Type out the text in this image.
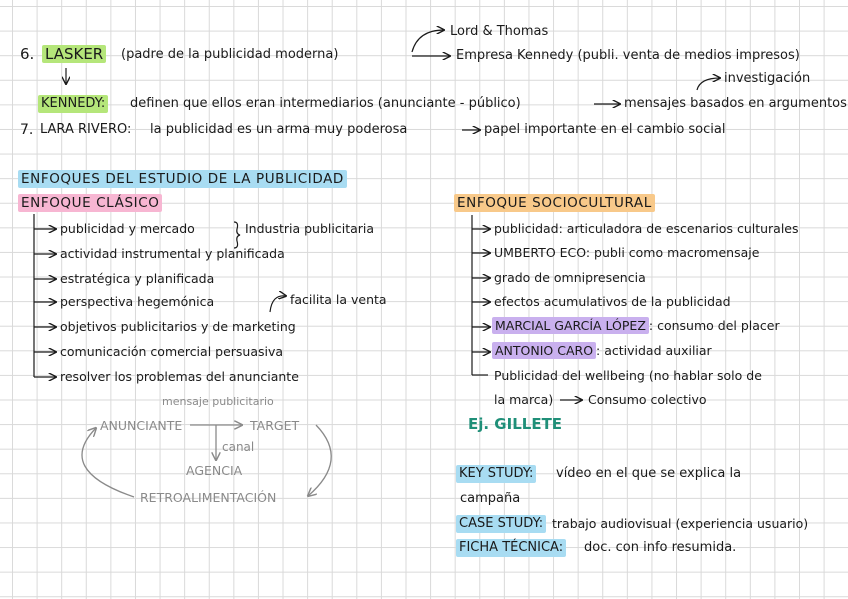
Lord & Thomas
6. LASKER (padre de la publicidad moderna)	Empresa Kennedy (publi. venta de medios impresos)
investigación
KENNEDY: definen que ellos eran intermediarios (anunciante - público)	mensajes basados en argumentos
7. LARA RIVERO: la publicidad es un arma muy poderosa	papel importante en el cambio social
ENFOQUES DEL ESTUDIO DE LA PUBLICIDAD
ENFOQUE CLÁSICO
publicidad y mercado	Industria publicitaria
actividad instrumental y planificada
estratégica y planificada
perspectiva hegemónica	facilita la venta
objetivos publicitarios y de marketing
comunicación comercial persuasiva
resolver los problemas del anunciante
mensaje publicitario
ANUNCIANTE	TARGET
canal
AGENCIA
RETROALIMENTACIÓN
ENFOQUE SOCIOCULTURAL
publicidad: articuladora de escenarios culturales
UMBERTO ECO: publi como macromensaje
grado de omnipresencia
efectos acumulativos de la publicidad
MARCIAL GARCÍA LÓPEZ : consumo del placer
ANTONIO CARO : actividad auxiliar
Publicidad del wellbeing (no hablar solo de
la marca)	Consumo colectivo
Ej. GILLETE
KEY STUDY: vídeo en el que se explica la
campaña
CASE STUDY: trabajo audiovisual (experiencia usuario)
FICHA TÉCNICA: doc. con info resumida.
